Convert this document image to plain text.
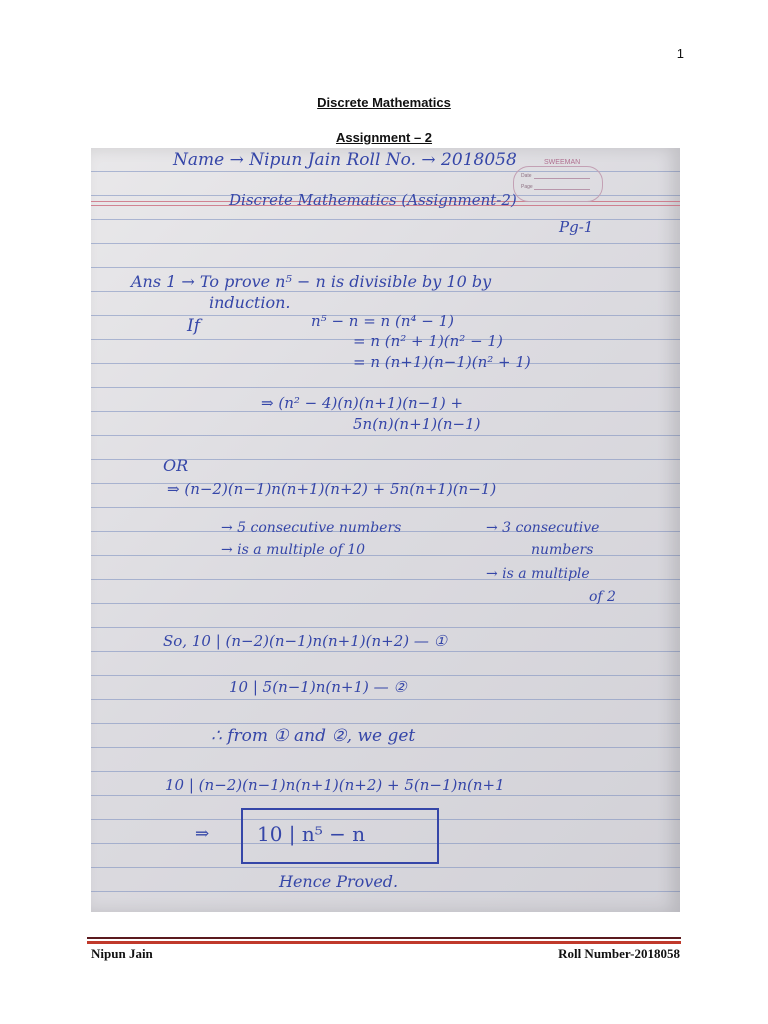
1
Discrete Mathematics
Assignment – 2
Name → Nipun Jain Roll No. → 2018058	SWEEMAN
Date
Page
Discrete Mathematics (Assignment-2)
Pg-1
Ans 1 → To prove n⁵ − n is divisible by 10 by
induction.
If	n⁵ − n = n (n⁴ − 1)
= n (n² + 1)(n² − 1)
= n (n+1)(n−1)(n² + 1)
⇒ (n² − 4)(n)(n+1)(n−1) +
5n(n)(n+1)(n−1)
OR
⇒ (n−2)(n−1)n(n+1)(n+2) + 5n(n+1)(n−1)
→ 5 consecutive numbers
→ is a multiple of 10
→ 3 consecutive
numbers
→ is a multiple
of 2
So, 10 | (n−2)(n−1)n(n+1)(n+2) — ①
10 | 5(n−1)n(n+1) — ②
∴ from ① and ②, we get
10 | (n−2)(n−1)n(n+1)(n+2) + 5(n−1)n(n+1
⇒ 10 | n⁵ − n
Hence Proved.
Nipun Jain	Roll Number-2018058
